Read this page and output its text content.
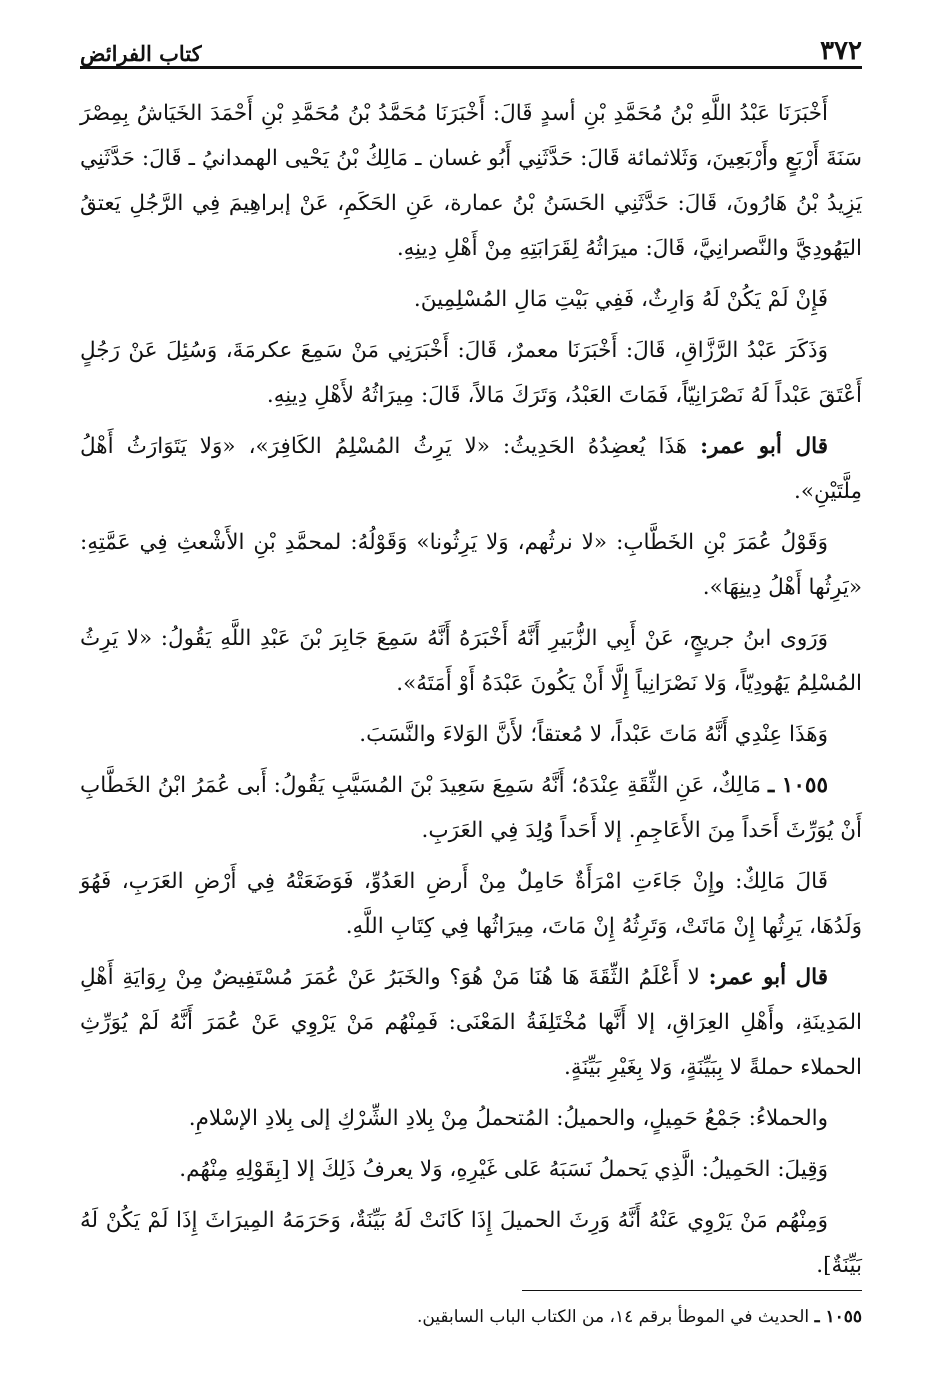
٣٧٢
كتاب الفرائض

أَخْبَرَنَا عَبْدُ اللَّهِ بْنُ مُحَمَّدِ بْنِ أسدٍ قَالَ: أَخْبَرَنَا مُحَمَّدُ بْنُ مُحَمَّدِ بْنِ أَحْمَدَ الخَيَاشُ بِمِصْرَ سَنَةَ أَرْبَعٍ وأَرْبَعِينَ، وَثَلاثمائة قَالَ: حَدَّثَنِي أَبُو غسان ـ مَالِكُ بْنُ يَحْيى الهمدانيُ ـ قَالَ: حَدَّثَنِي يَزِيدُ بْنُ هَارُونَ، قَالَ: حَدَّثَنِي الحَسَنُ بْنُ عمارة، عَنِ الحَكَمِ، عَنْ إبراهِيمَ فِي الرَّجُلِ يَعتقُ اليَهُودِيَّ والنَّصرانِيَّ، قَالَ: ميرَاثُهُ لِقَرَابَتِهِ مِنْ أَهْلِ دِينِهِ.

فَإِنْ لَمْ يَكُنْ لَهُ وَارِثٌ، فَفِي بَيْتِ مَالِ المُسْلِمِينَ.

وَذَكَرَ عَبْدُ الرَّزَّاقِ، قَالَ: أَخْبَرَنَا معمرٌ، قَالَ: أَخْبَرَنِي مَنْ سَمِعَ عكرمَةَ، وَسُئِلَ عَنْ رَجُلٍ أَعْتَقَ عَبْداً لَهُ نَصْرَانِيّاً، فَمَاتَ العَبْدُ، وَتَرَكَ مَالاً، قَالَ: مِيرَاثُهُ لأَهْلِ دِينِهِ.

قال أبو عمر: هَذَا يُعضِدُهُ الحَدِيثُ: «لا يَرِثُ المُسْلِمُ الكَافِرَ»، «وَلا يَتَوَارَثُ أَهْلُ مِلَّتَيْنِ».

وَقَوْلُ عُمَرَ بْنِ الخَطَّابِ: «لا نرثُهم، وَلا يَرِثُونا» وَقَوْلُهُ: لمحمَّدِ بْنِ الأَشْعثِ فِي عَمَّتِهِ: «يَرِثُها أَهْلُ دِينِهَا».

وَرَوى ابنُ جريجٍ، عَنْ أَبِي الزُّبَيرِ أَنَّهُ أَخْبَرَهُ أَنَّهُ سَمِعَ جَابِرَ بْنَ عَبْدِ اللَّهِ يَقُولُ: «لا يَرِثُ المُسْلِمُ يَهُودِيّاً، وَلا نَصْرَانِياً إِلَّا أَنْ يَكُونَ عَبْدَهُ أَوْ أَمَتَهُ».

وَهَذَا عِنْدِي أَنَّهُ مَاتَ عَبْداً، لا مُعتقاً؛ لأَنَّ الوَلاءَ والنَّسَبَ.

١٠٥٥ ـ مَالِكٌ، عَنِ الثِّقَةِ عِنْدَهُ؛ أَنَّهُ سَمِعَ سَعِيدَ بْنَ المُسَيَّبِ يَقُولُ: أَبى عُمَرُ ابْنُ الخَطَّابِ أَنْ يُوَرِّثَ أَحَداً مِنَ الأَعَاجِمِ. إلا أَحَداً وُلِدَ فِي العَرَبِ.

قَالَ مَالِكٌ: وإِنْ جَاءَتِ امْرَأَةٌ حَامِلٌ مِنْ أَرضِ العَدُوِّ، فَوَضَعَتْهُ فِي أَرْضِ العَرَبِ، فَهُوَ وَلَدُهَا، يَرِثُها إِنْ مَاتَتْ، وَتَرِثُهُ إِنْ مَاتَ، مِيرَاثُها فِي كِتَابِ اللَّهِ.

قال أبو عمر: لا أَعْلَمُ الثِّقَةَ هَا هُنَا مَنْ هُوَ؟ والخَبَرُ عَنْ عُمَرَ مُسْتَفِيضٌ مِنْ رِوَايَةِ أَهْلِ المَدِينَةِ، وأَهْلِ العِرَاقِ، إلا أَنَّها مُخْتَلِفَةُ المَعْنَى: فَمِنْهُم مَنْ يَرْوِي عَنْ عُمَرَ أَنَّهُ لَمْ يُوَرِّثِ الحملاء حملةً لا بِبَيِّنَةٍ، وَلا بِغَيْرِ بَيِّنَةٍ.

والحملاءُ: جَمْعُ حَمِيلٍ، والحميلُ: المُتحملُ مِنْ بِلادِ الشِّرْكِ إلى بِلادِ الإسْلامِ.

وَقِيلَ: الحَمِيلُ: الَّذِي يَحملُ نَسَبَهُ عَلى غَيْرِهِ، وَلا يعرفُ ذَلِكَ إلا [بِقَوْلِهِ مِنْهُم.

وَمِنْهُم مَنْ يَرْوِي عَنْهُ أَنَّهُ وَرِثَ الحميلَ إِذَا كَانَتْ لَهُ بَيِّنَةٌ، وَحَرَمَهُ المِيرَاثَ إِذَا لَمْ يَكُنْ لَهُ بَيِّنَةٌ].

١٠٥٥ ـ الحديث في الموطأ برقم ١٤، من الكتاب الباب السابقين.
